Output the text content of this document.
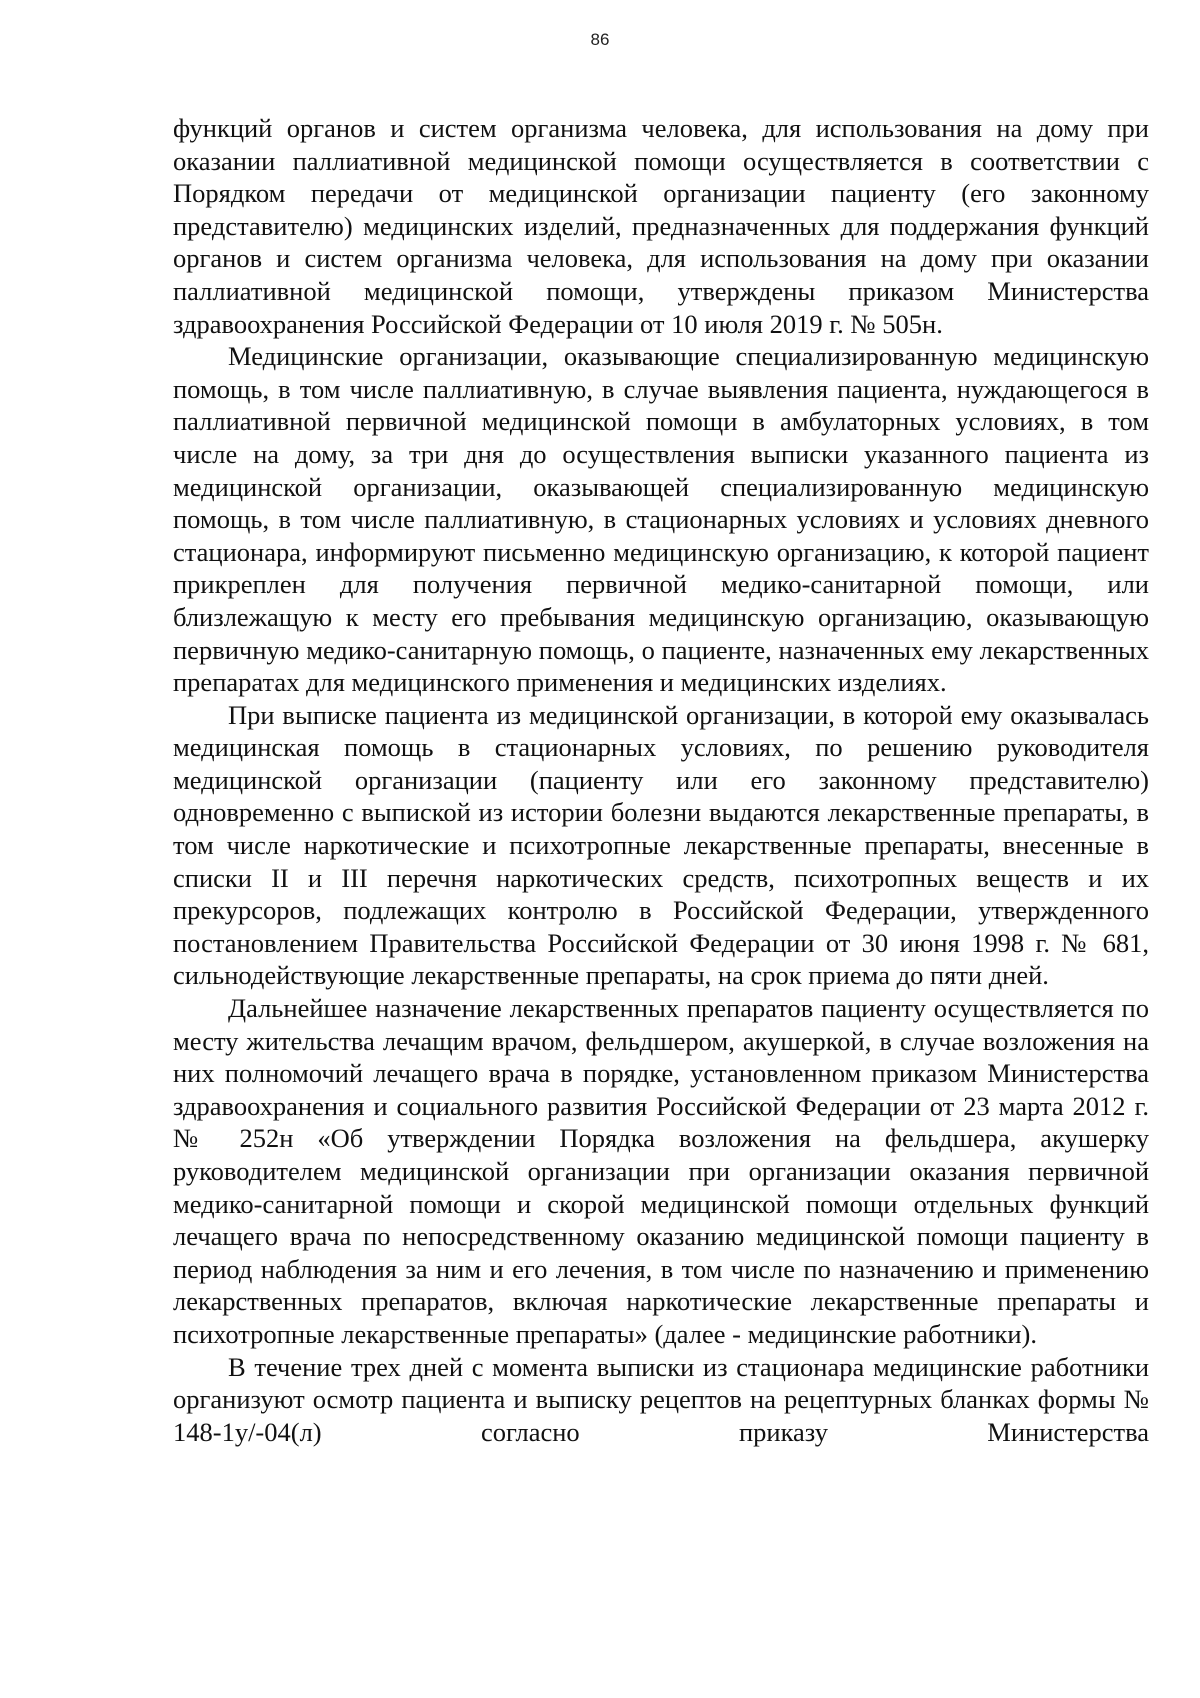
86

функций органов и систем организма человека, для использования на дому при оказании паллиативной медицинской помощи осуществляется в соответствии с Порядком передачи от медицинской организации пациенту (его законному представителю) медицинских изделий, предназначенных для поддержания функций органов и систем организма человека, для использования на дому при оказании паллиативной медицинской помощи, утверждены приказом Министерства здравоохранения Российской Федерации от 10 июля 2019 г. № 505н.

Медицинские организации, оказывающие специализированную медицинскую помощь, в том числе паллиативную, в случае выявления пациента, нуждающегося в паллиативной первичной медицинской помощи в амбулаторных условиях, в том числе на дому, за три дня до осуществления выписки указанного пациента из медицинской организации, оказывающей специализированную медицинскую помощь, в том числе паллиативную, в стационарных условиях и условиях дневного стационара, информируют письменно медицинскую организацию, к которой пациент прикреплен для получения первичной медико-санитарной помощи, или близлежащую к месту его пребывания медицинскую организацию, оказывающую первичную медико-санитарную помощь, о пациенте, назначенных ему лекарственных препаратах для медицинского применения и медицинских изделиях.

При выписке пациента из медицинской организации, в которой ему оказывалась медицинская помощь в стационарных условиях, по решению руководителя медицинской организации (пациенту или его законному представителю) одновременно с выпиской из истории болезни выдаются лекарственные препараты, в том числе наркотические и психотропные лекарственные препараты, внесенные в списки II и III перечня наркотических средств, психотропных веществ и их прекурсоров, подлежащих контролю в Российской Федерации, утвержденного постановлением Правительства Российской Федерации от 30 июня 1998 г. № 681, сильнодействующие лекарственные препараты, на срок приема до пяти дней.

Дальнейшее назначение лекарственных препаратов пациенту осуществляется по месту жительства лечащим врачом, фельдшером, акушеркой, в случае возложения на них полномочий лечащего врача в порядке, установленном приказом Министерства здравоохранения и социального развития Российской Федерации от 23 марта 2012 г. № 252н «Об утверждении Порядка возложения на фельдшера, акушерку руководителем медицинской организации при организации оказания первичной медико-санитарной помощи и скорой медицинской помощи отдельных функций лечащего врача по непосредственному оказанию медицинской помощи пациенту в период наблюдения за ним и его лечения, в том числе по назначению и применению лекарственных препаратов, включая наркотические лекарственные препараты и психотропные лекарственные препараты» (далее - медицинские работники).

В течение трех дней с момента выписки из стационара медицинские работники организуют осмотр пациента и выписку рецептов на рецептурных бланках формы № 148-1у/-04(л) согласно приказу Министерства
